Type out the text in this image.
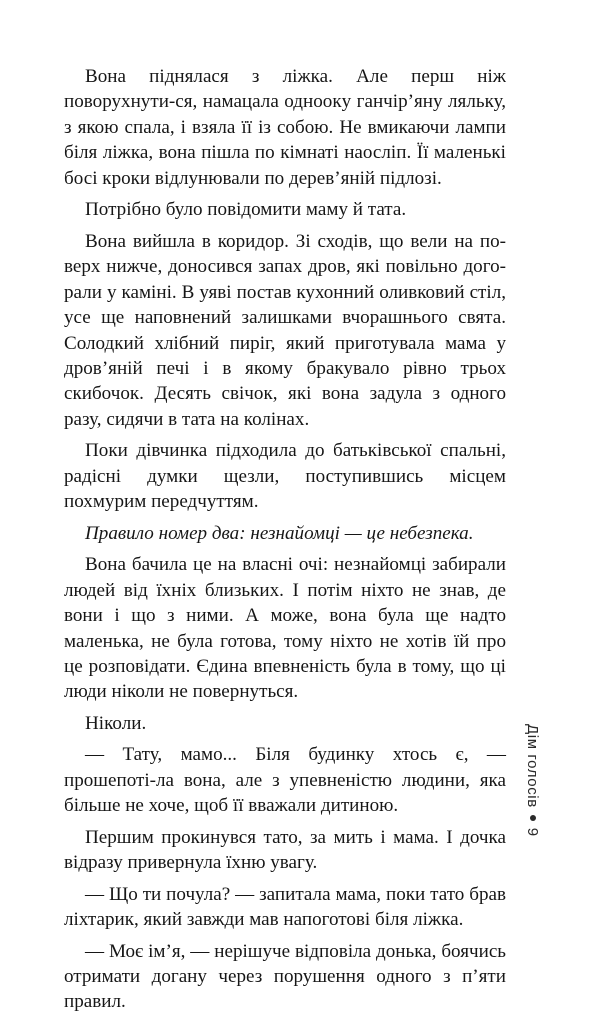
Вона піднялася з ліжка. Але перш ніж поворухнути-ся, намацала одноокy ганчір’яну ляльку, з якою спала, і взяла її із собою. Не вмикаючи лампи біля ліжка, вона пішла по кімнаті наосліп. Її маленькі босі кроки відлунювали по дерев’яній підлозі.

Потрібно було повідомити маму й тата.

Вона вийшла в коридор. Зі сходів, що вели на по-верх нижче, доносився запах дров, які повільно дого-рали у каміні. В уяві постав кухонний оливковий стіл, усе ще наповнений залишками вчорашнього свята. Солодкий хлібний пиріг, який приготувала мама у дров’яній печі і в якому бракувало рівно трьох скибочок. Десять свічок, які вона задула з одного разу, сидячи в тата на колінах.

Поки дівчинка підходила до батьківської спальні, радісні думки щезли, поступившись місцем похмурим передчуттям.

Правило номер два: незнайомці — це небезпека.

Вона бачила це на власні очі: незнайомці забирали людей від їхніх близьких. І потім ніхто не знав, де вони і що з ними. А може, вона була ще надто маленька, не була готова, тому ніхто не хотів їй про це розповідати. Єдина впевненість була в тому, що ці люди ніколи не повернуться.

Ніколи.

— Тату, мамо... Біля будинку хтось є, — прошепоті-ла вона, але з упевненістю людини, яка більше не хоче, щоб її вважали дитиною.

Першим прокинувся тато, за мить і мама. І дочка відразу привернула їхню увагу.

— Що ти почула? — запитала мама, поки тато брав ліхтарик, який завжди мав напоготові біля ліжка.

— Моє ім’я, — нерішуче відповіла донька, боячись отримати догану через порушення одного з п’яти правил.

Дім голосів
9
